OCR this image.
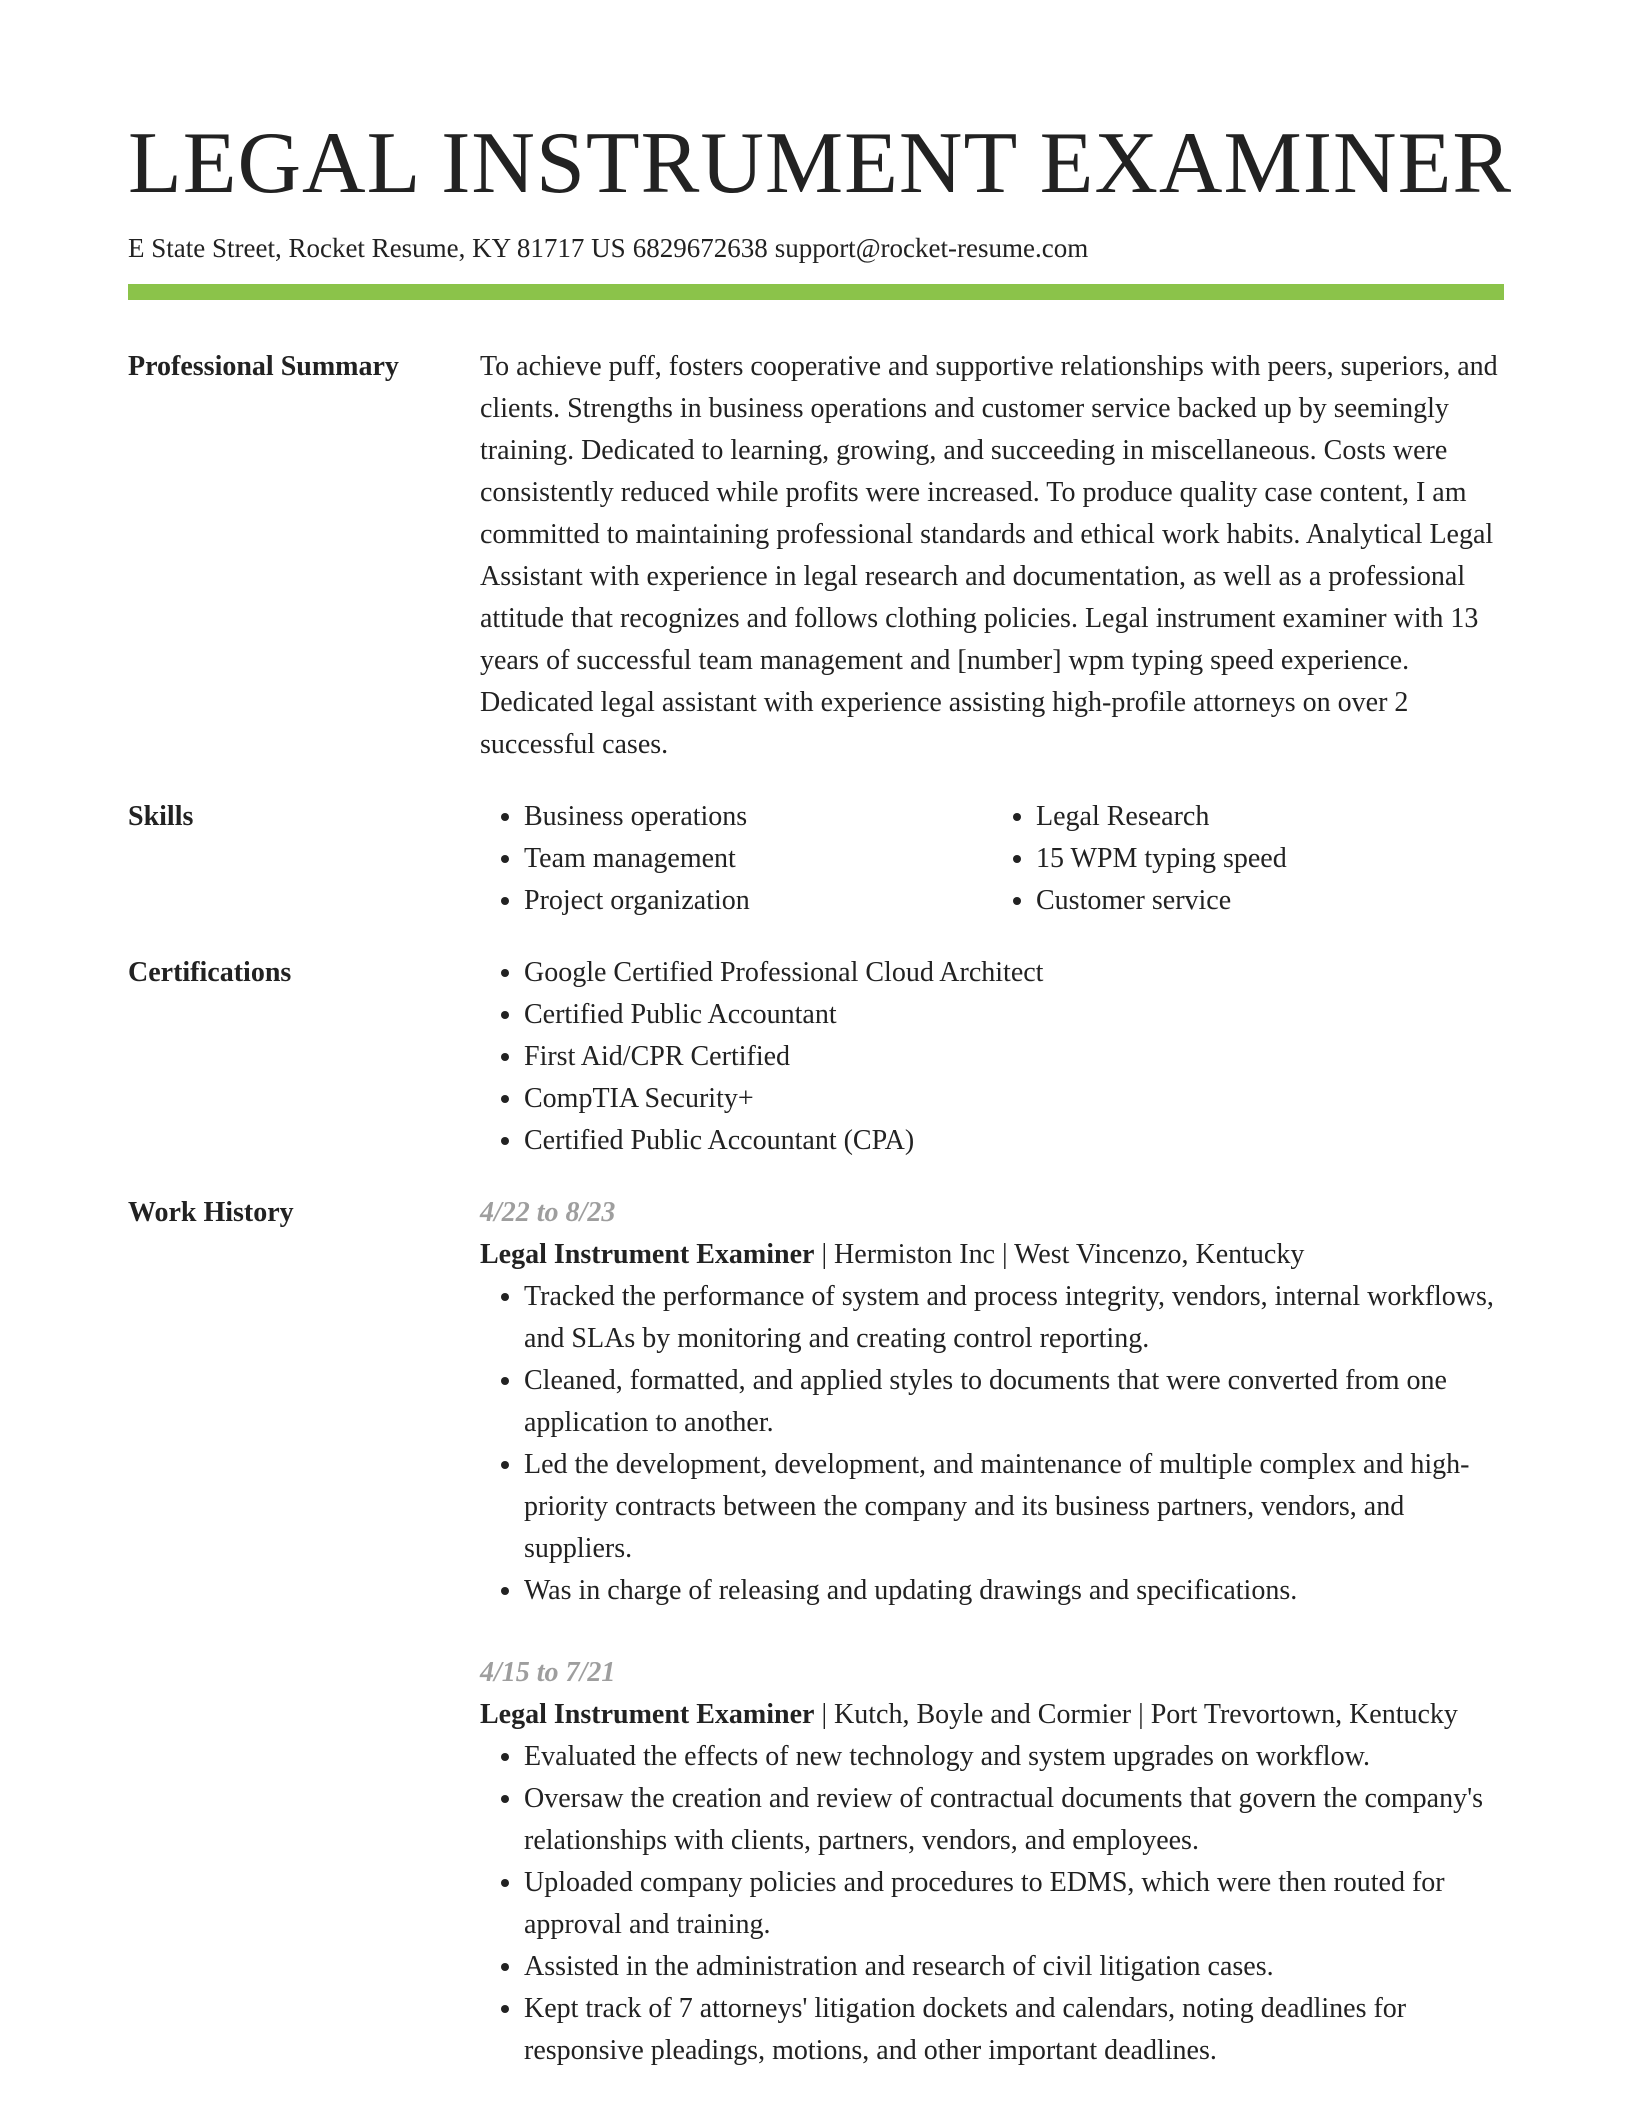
LEGAL INSTRUMENT EXAMINER
E State Street, Rocket Resume, KY 81717 US 6829672638 support@rocket-resume.com
Professional Summary	To achieve puff, fosters cooperative and supportive relationships with peers, superiors, and clients. Strengths in business operations and customer service backed up by seemingly training. Dedicated to learning, growing, and succeeding in miscellaneous. Costs were consistently reduced while profits were increased. To produce quality case content, I am committed to maintaining professional standards and ethical work habits. Analytical Legal Assistant with experience in legal research and documentation, as well as a professional attitude that recognizes and follows clothing policies. Legal instrument examiner with 13 years of successful team management and [number] wpm typing speed experience. Dedicated legal assistant with experience assisting high-profile attorneys on over 2 successful cases.

Skills	• Business operations
• Team management
• Project organization
• Legal Research
• 15 WPM typing speed
• Customer service
Certifications	• Google Certified Professional Cloud Architect
• Certified Public Accountant
• First Aid/CPR Certified
• CompTIA Security+
• Certified Public Accountant (CPA)
Work History	4/22 to 8/23
Legal Instrument Examiner | Hermiston Inc | West Vincenzo, Kentucky
• Tracked the performance of system and process integrity, vendors, internal workflows, and SLAs by monitoring and creating control reporting.
• Cleaned, formatted, and applied styles to documents that were converted from one application to another.
• Led the development, development, and maintenance of multiple complex and high-priority contracts between the company and its business partners, vendors, and suppliers.
• Was in charge of releasing and updating drawings and specifications.
4/15 to 7/21
Legal Instrument Examiner | Kutch, Boyle and Cormier | Port Trevortown, Kentucky
• Evaluated the effects of new technology and system upgrades on workflow.
• Oversaw the creation and review of contractual documents that govern the company's relationships with clients, partners, vendors, and employees.
• Uploaded company policies and procedures to EDMS, which were then routed for approval and training.
• Assisted in the administration and research of civil litigation cases.
• Kept track of 7 attorneys' litigation dockets and calendars, noting deadlines for responsive pleadings, motions, and other important deadlines.
